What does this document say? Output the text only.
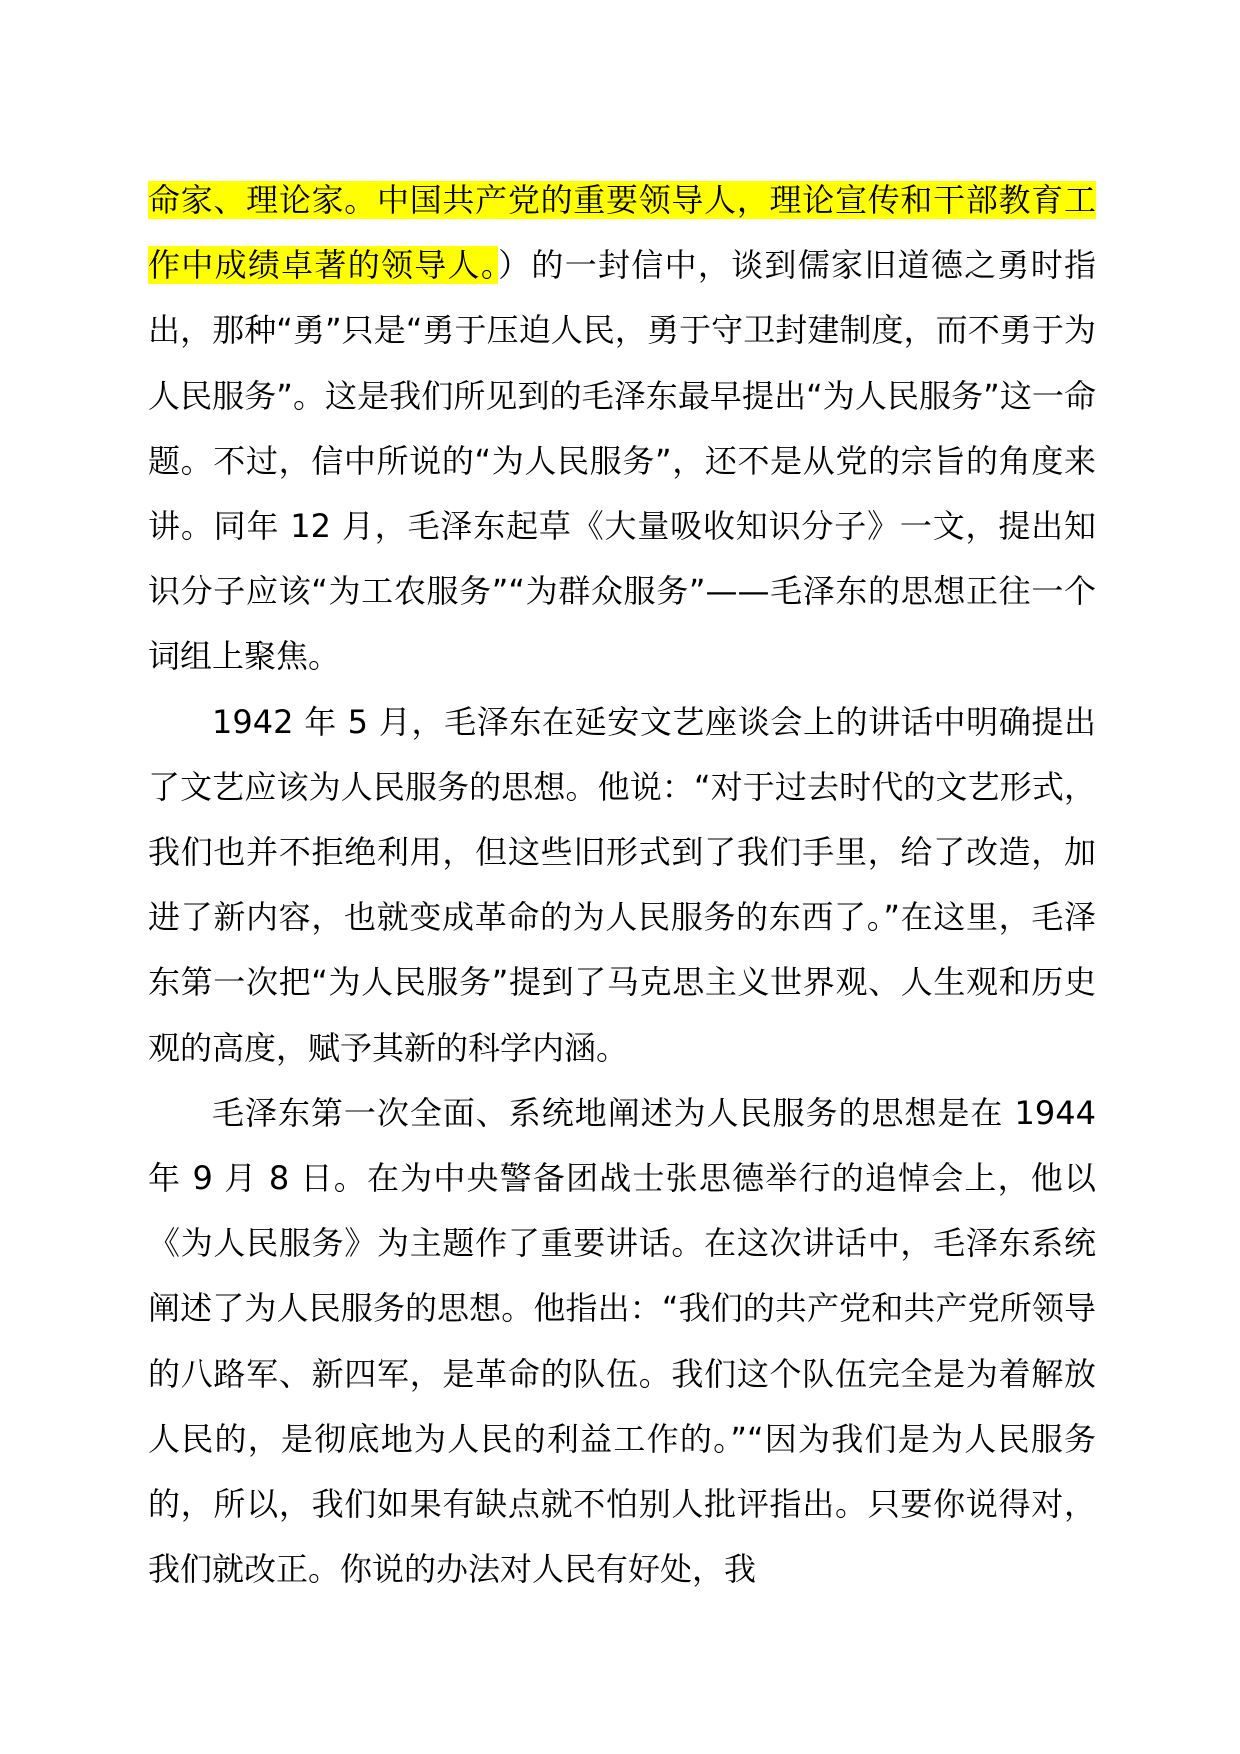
命家、理论家。中国共产党的重要领导人，理论宣传和干部教育工作中成绩卓著的领导人。）的一封信中，谈到儒家旧道德之勇时指出，那种“勇”只是“勇于压迫人民，勇于守卫封建制度，而不勇于为人民服务”。这是我们所见到的毛泽东最早提出“为人民服务”这一命题。不过，信中所说的“为人民服务”，还不是从党的宗旨的角度来讲。同年 12 月，毛泽东起草《大量吸收知识分子》一文，提出知识分子应该“为工农服务”“为群众服务”——毛泽东的思想正往一个词组上聚焦。

1942 年 5 月，毛泽东在延安文艺座谈会上的讲话中明确提出了文艺应该为人民服务的思想。他说：“对于过去时代的文艺形式，我们也并不拒绝利用，但这些旧形式到了我们手里，给了改造，加进了新内容，也就变成革命的为人民服务的东西了。”在这里，毛泽东第一次把“为人民服务”提到了马克思主义世界观、人生观和历史观的高度，赋予其新的科学内涵。

毛泽东第一次全面、系统地阐述为人民服务的思想是在 1944 年 9 月 8 日。在为中央警备团战士张思德举行的追悼会上，他以《为人民服务》为主题作了重要讲话。在这次讲话中，毛泽东系统阐述了为人民服务的思想。他指出：“我们的共产党和共产党所领导的八路军、新四军，是革命的队伍。我们这个队伍完全是为着解放人民的，是彻底地为人民的利益工作的。”“因为我们是为人民服务的，所以，我们如果有缺点就不怕别人批评指出。只要你说得对，我们就改正。你说的办法对人民有好处，我
